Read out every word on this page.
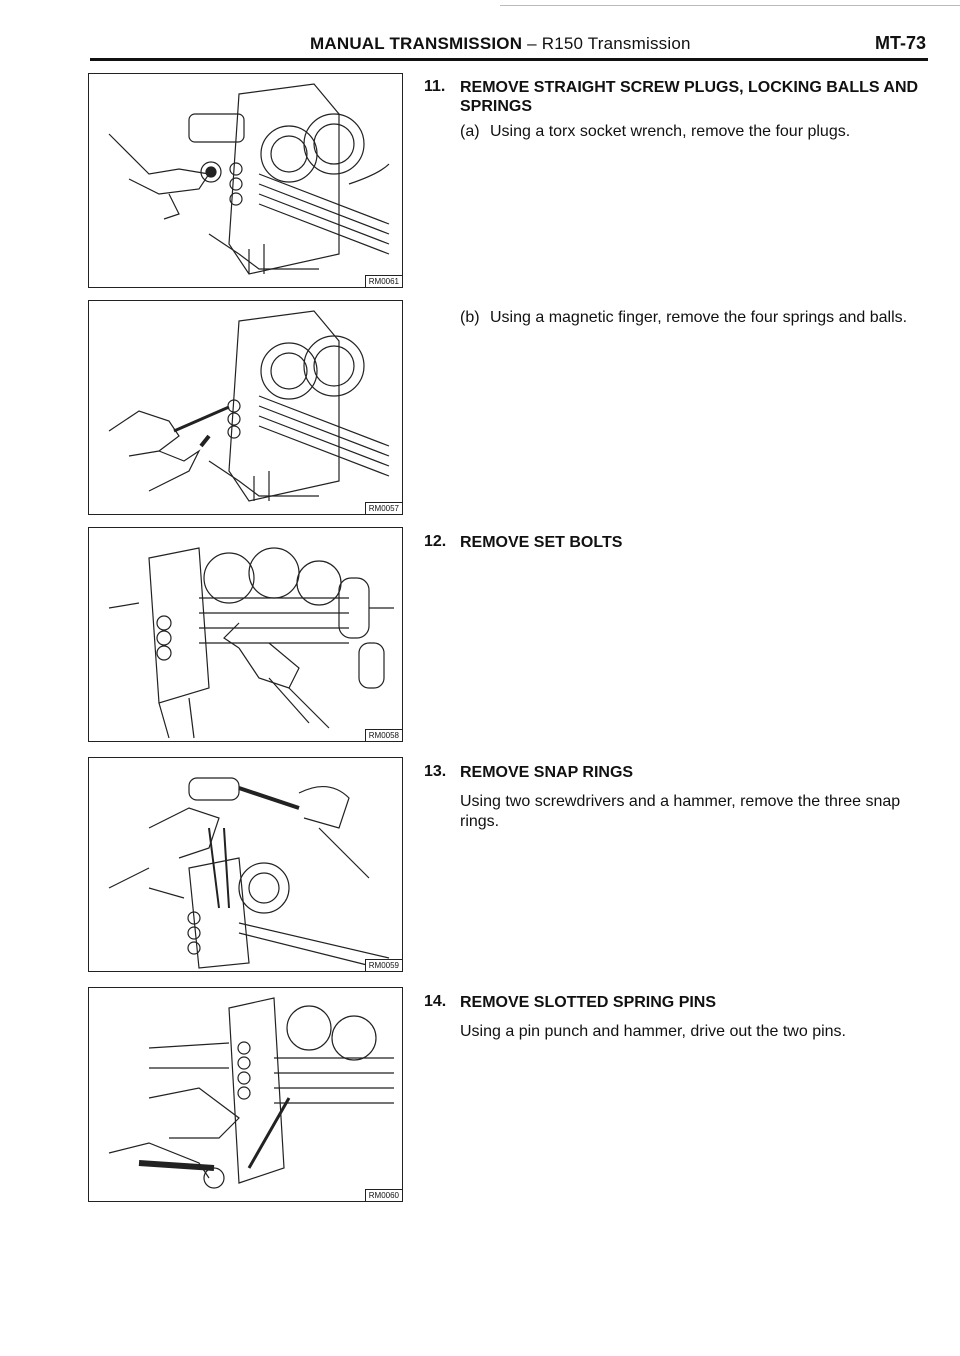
MANUAL TRANSMISSION – R150 Transmission	MT-73
RM0061
RM0057
RM0058
RM0059
RM0060
11. REMOVE STRAIGHT SCREW PLUGS, LOCKING BALLS AND SPRINGS
(a) Using a torx socket wrench, remove the four plugs.
(b) Using a magnetic finger, remove the four springs and balls.
12. REMOVE SET BOLTS
13. REMOVE SNAP RINGS
Using two screwdrivers and a hammer, remove the three snap rings.
14. REMOVE SLOTTED SPRING PINS
Using a pin punch and hammer, drive out the two pins.
